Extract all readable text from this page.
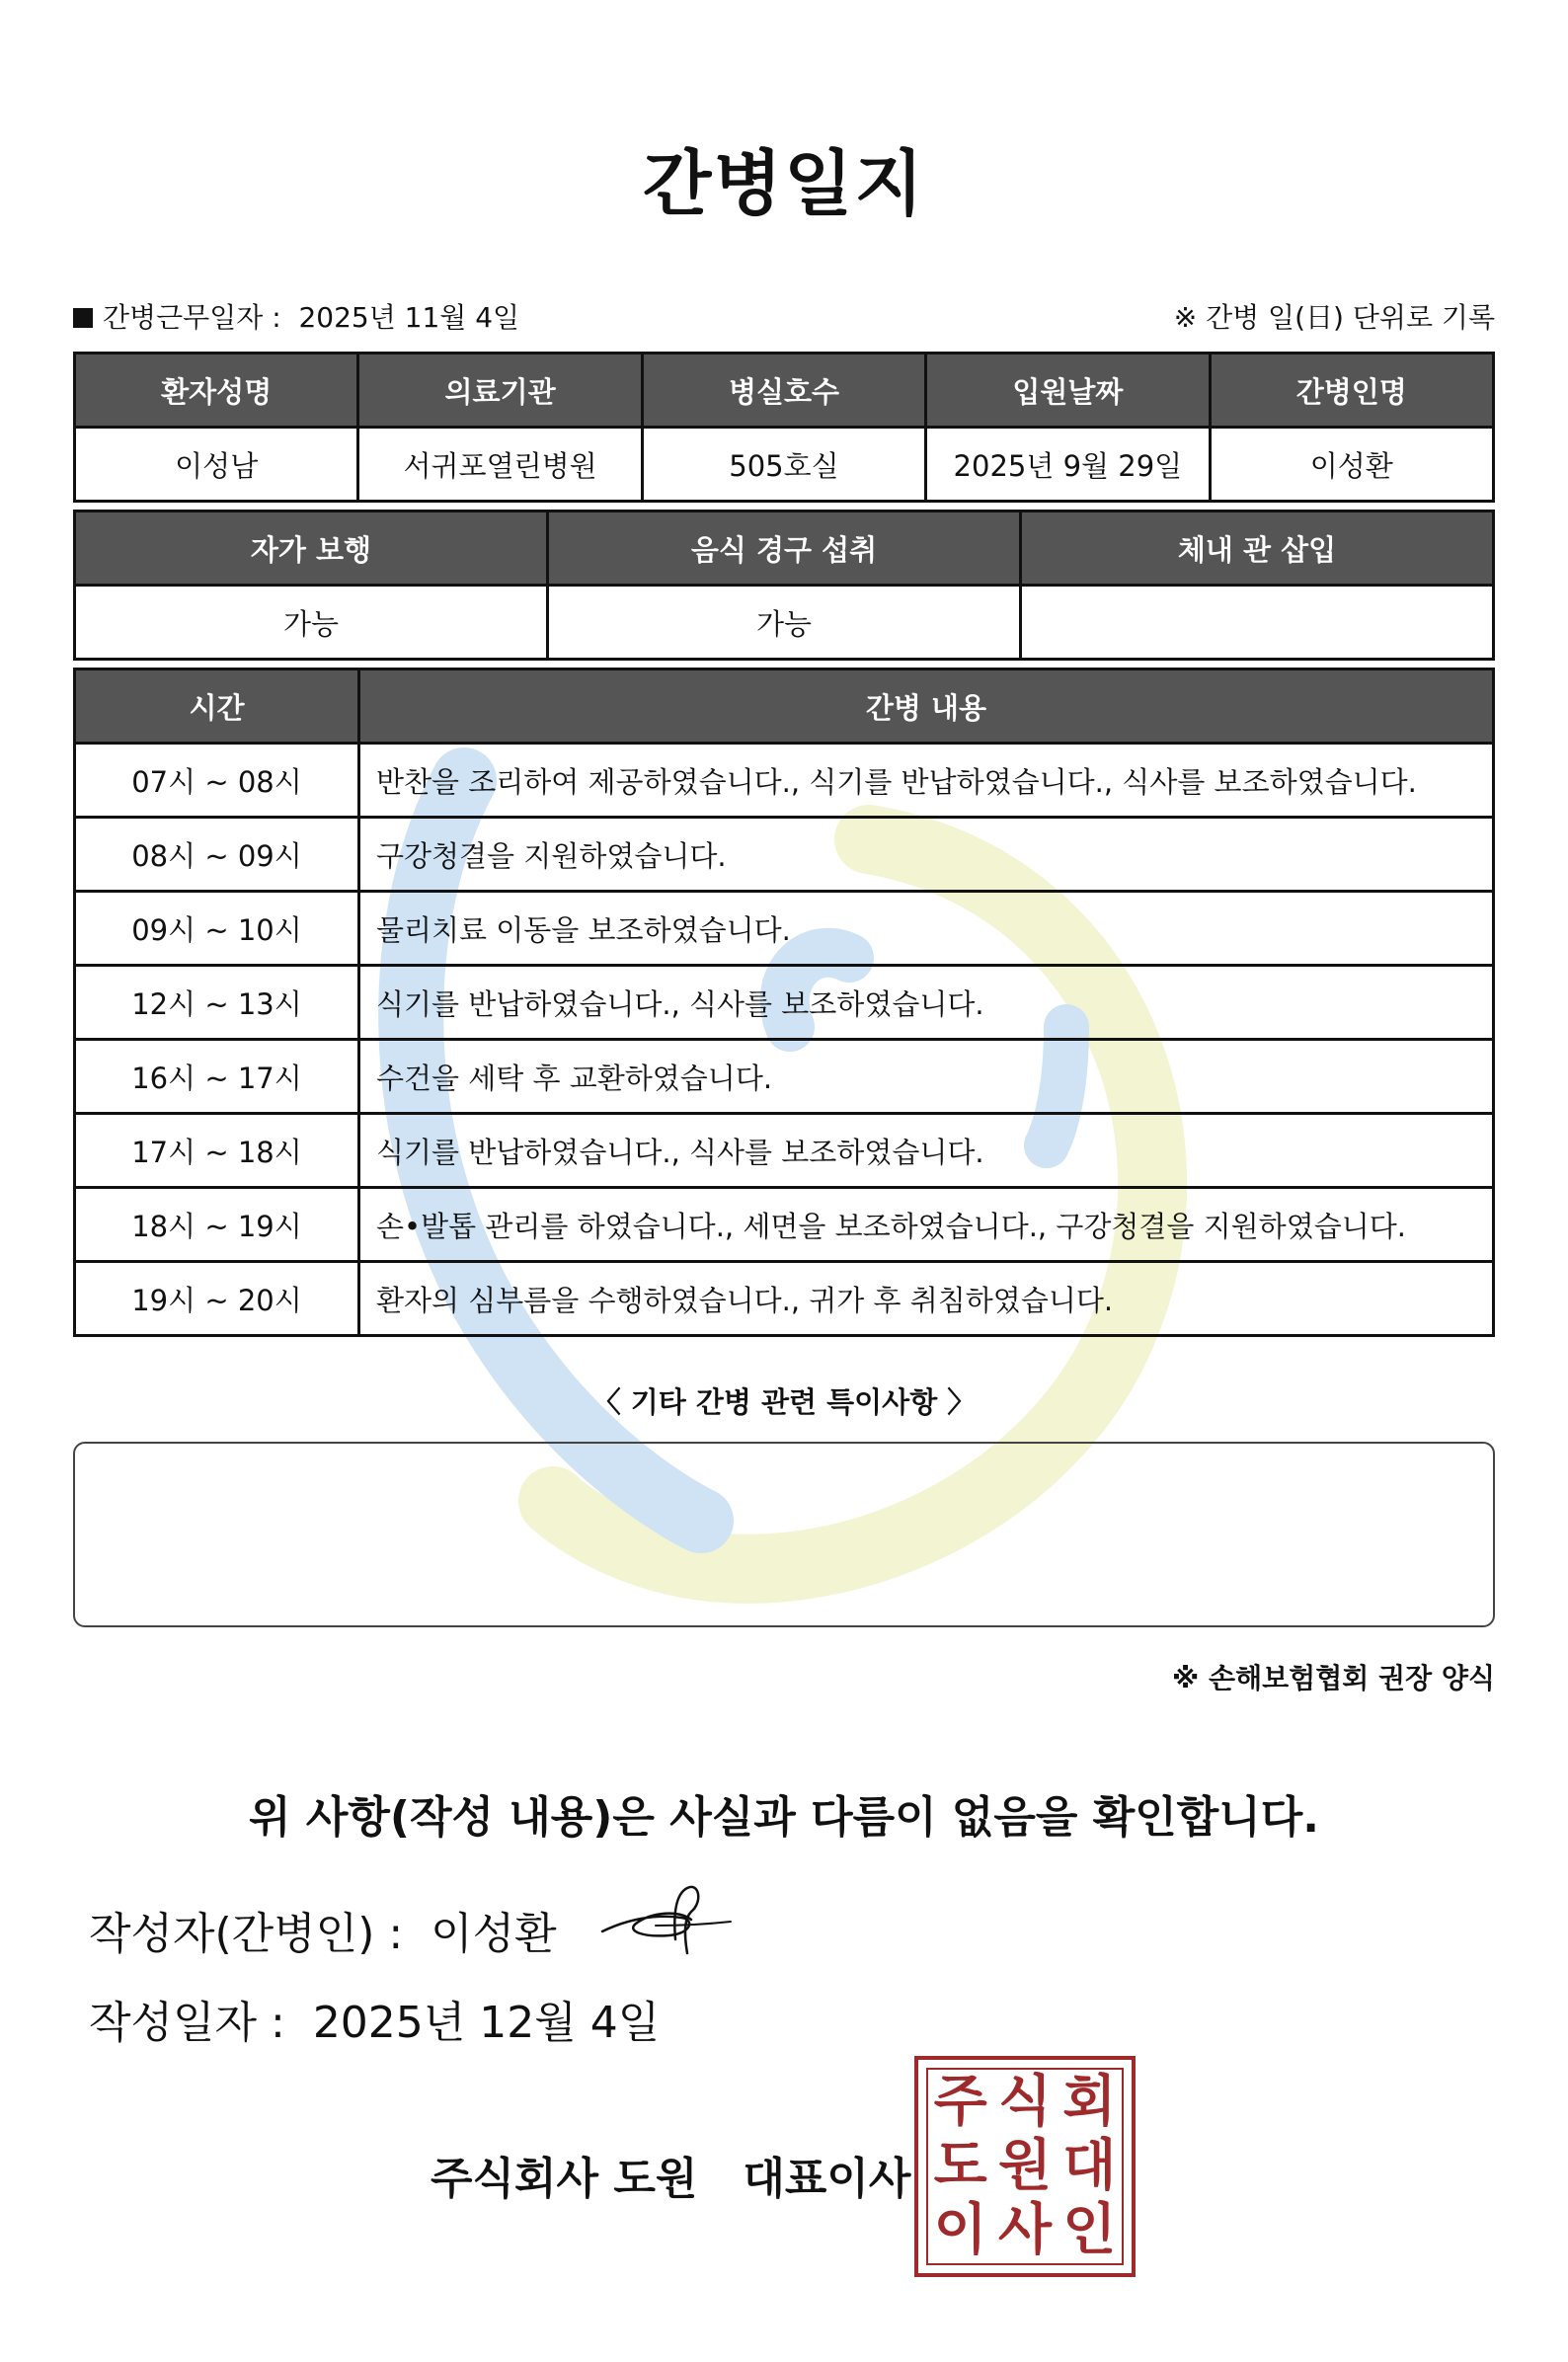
간병일지
간병근무일자 :  2025년 11월 4일	※ 간병 일(日) 단위로 기록
환자성명	의료기관	병실호수	입원날짜	간병인명
이성남	서귀포열린병원	505호실	2025년 9월 29일	이성환
자가 보행	음식 경구 섭취	체내 관 삽입
가능	가능	
시간	간병 내용
07시 ~ 08시	반찬을 조리하여 제공하였습니다., 식기를 반납하였습니다., 식사를 보조하였습니다.
08시 ~ 09시	구강청결을 지원하였습니다.
09시 ~ 10시	물리치료 이동을 보조하였습니다.
12시 ~ 13시	식기를 반납하였습니다., 식사를 보조하였습니다.
16시 ~ 17시	수건을 세탁 후 교환하였습니다.
17시 ~ 18시	식기를 반납하였습니다., 식사를 보조하였습니다.
18시 ~ 19시	손•발톱 관리를 하였습니다., 세면을 보조하였습니다., 구강청결을 지원하였습니다.
19시 ~ 20시	환자의 심부름을 수행하였습니다., 귀가 후 취침하였습니다.
〈 기타 간병 관련 특이사항 〉
※ 손해보험협회 권장 양식
위 사항(작성 내용)은 사실과 다름이 없음을 확인합니다.
작성자(간병인) : 이성환
작성일자 : 2025년 12월 4일
주식회사 도원 대표이사
주 식 회
도 원 대
이 사 인
